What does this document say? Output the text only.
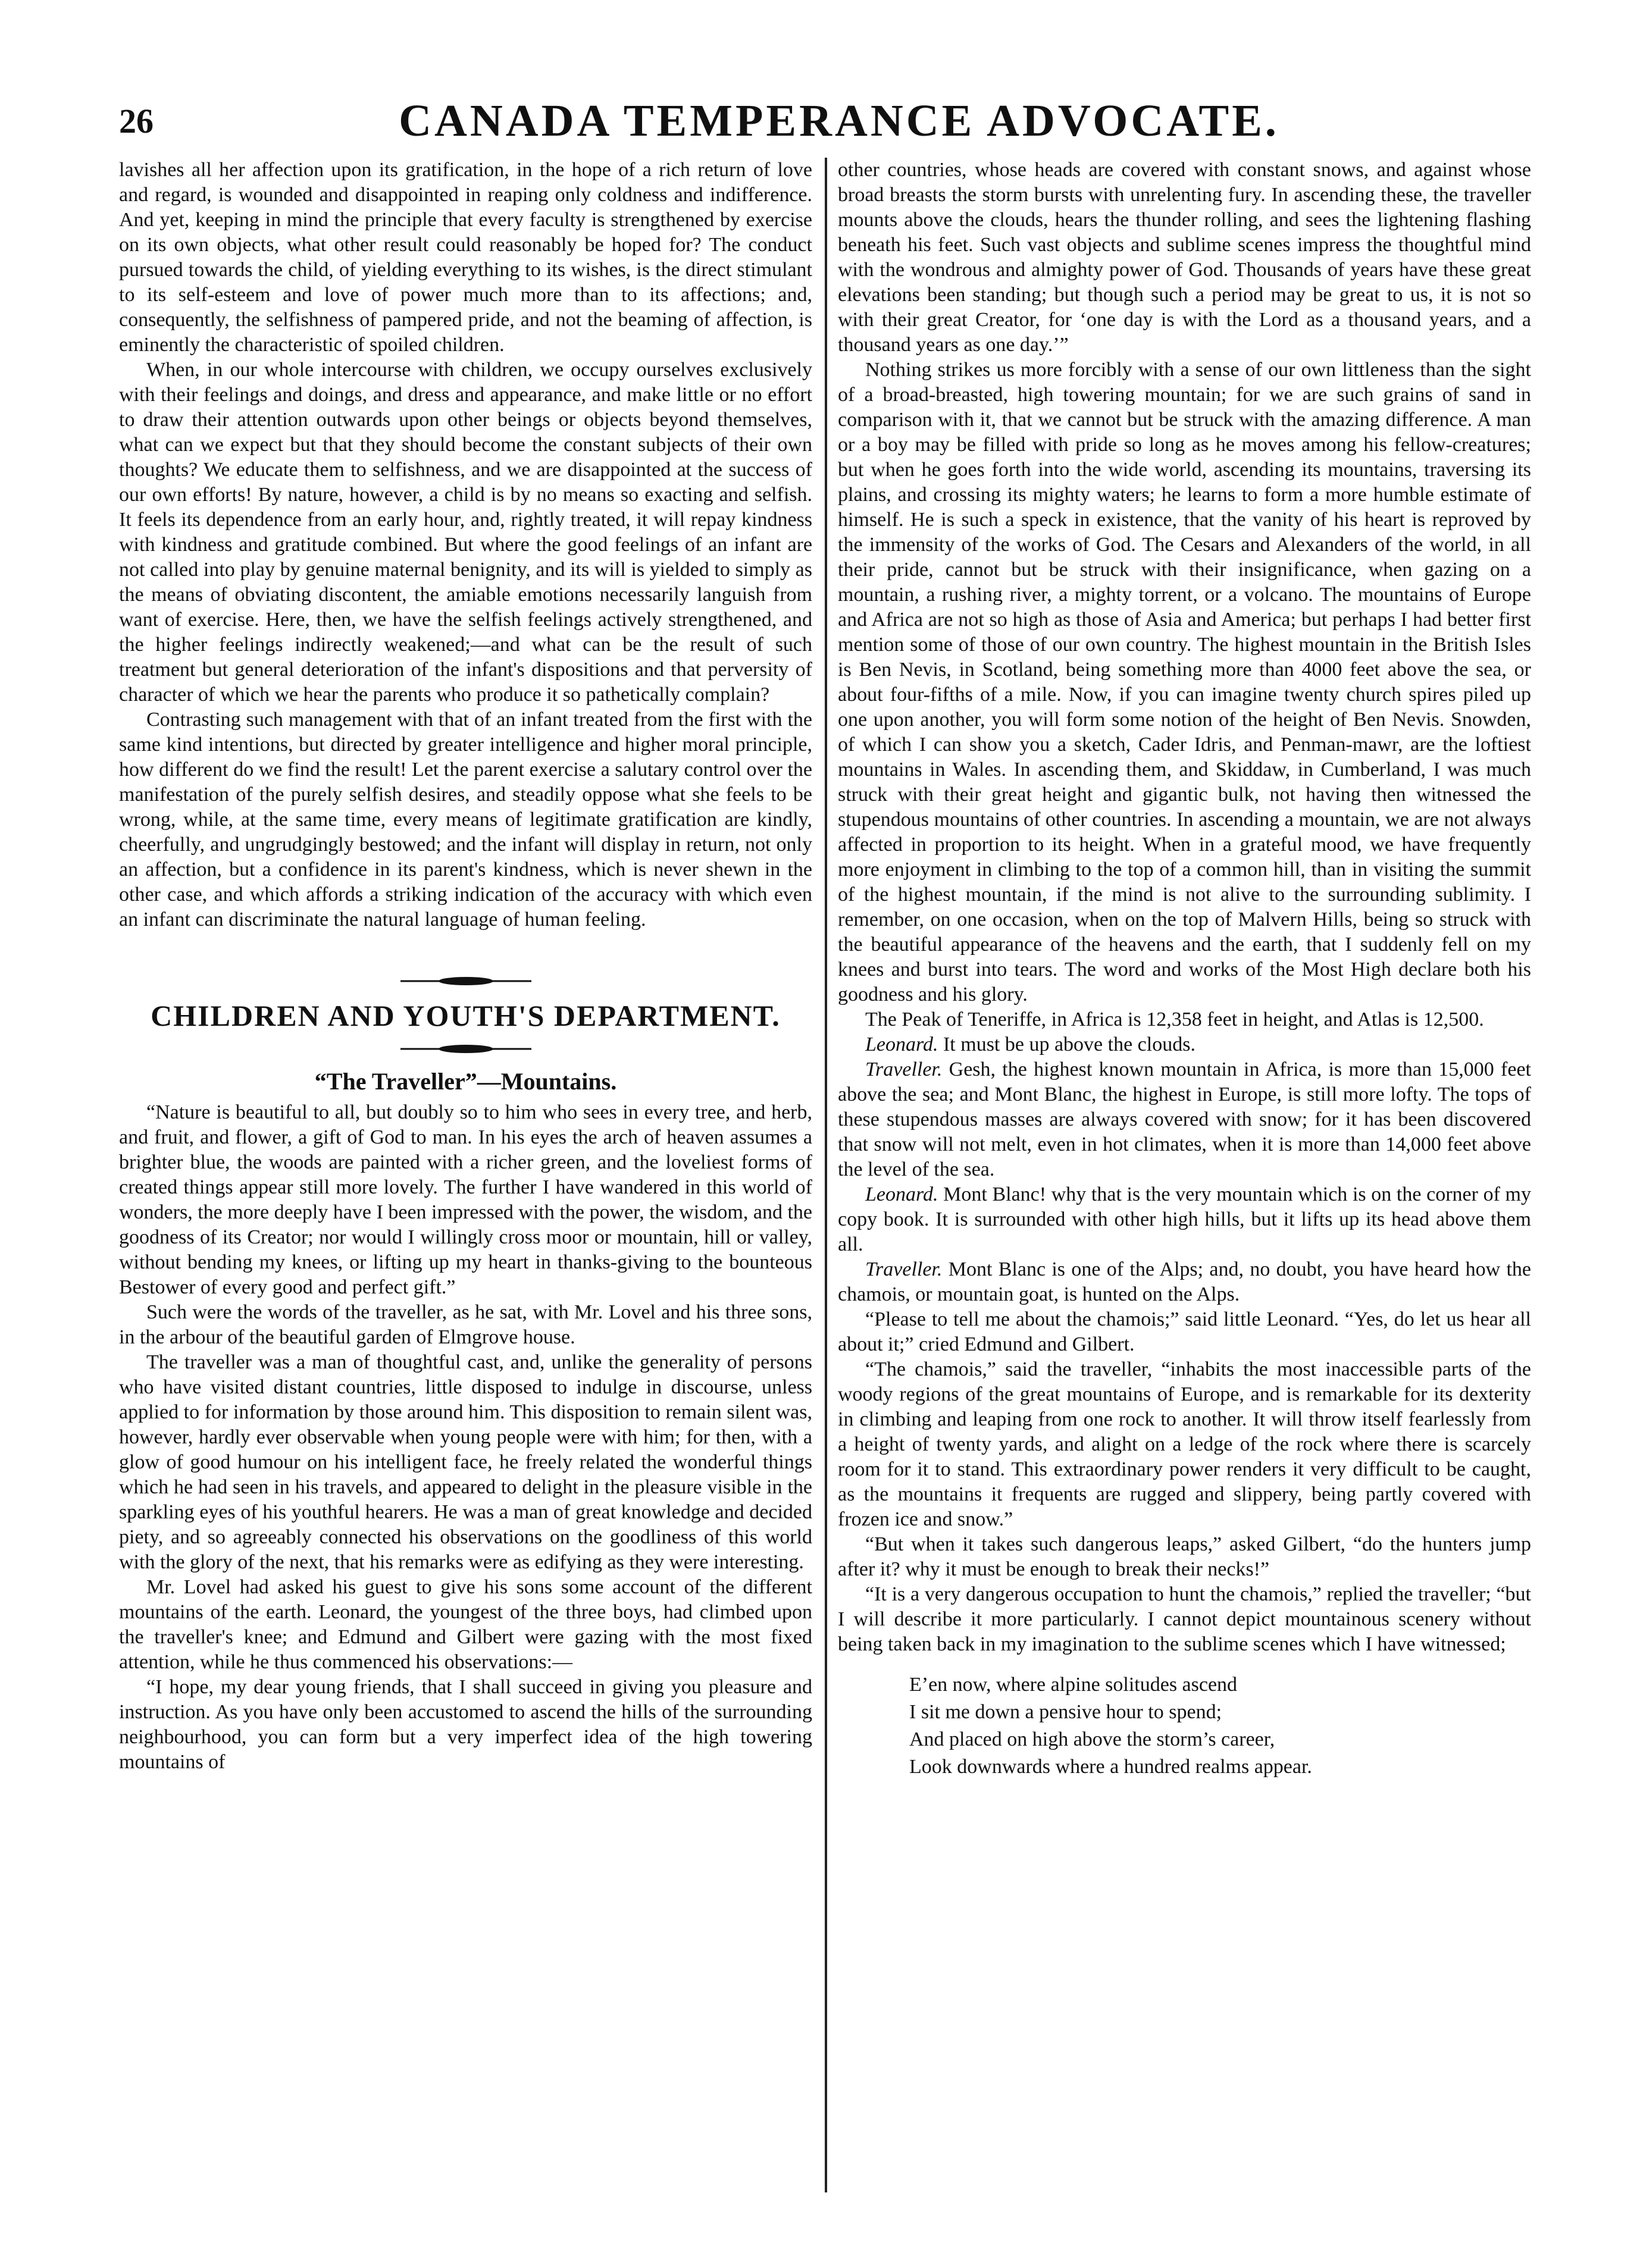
26	CANADA TEMPERANCE ADVOCATE.

lavishes all her affection upon its gratification, in the hope of a rich return of love and regard, is wounded and disappointed in reaping only coldness and indifference. And yet, keeping in mind the principle that every faculty is strengthened by exercise on its own objects, what other result could reasonably be hoped for? The conduct pursued towards the child, of yielding everything to its wishes, is the direct stimulant to its self-esteem and love of power much more than to its affections; and, consequently, the selfishness of pampered pride, and not the beaming of affection, is eminently the characteristic of spoiled children.

When, in our whole intercourse with children, we occupy ourselves exclusively with their feelings and doings, and dress and appearance, and make little or no effort to draw their attention outwards upon other beings or objects beyond themselves, what can we expect but that they should become the constant subjects of their own thoughts? We educate them to selfishness, and we are disappointed at the success of our own efforts! By nature, however, a child is by no means so exacting and selfish. It feels its dependence from an early hour, and, rightly treated, it will repay kindness with kindness and gratitude combined. But where the good feelings of an infant are not called into play by genuine maternal benignity, and its will is yielded to simply as the means of obviating discontent, the amiable emotions necessarily languish from want of exercise. Here, then, we have the selfish feelings actively strengthened, and the higher feelings indirectly weakened;—and what can be the result of such treatment but general deterioration of the infant's dispositions and that perversity of character of which we hear the parents who produce it so pathetically complain?

Contrasting such management with that of an infant treated from the first with the same kind intentions, but directed by greater intelligence and higher moral principle, how different do we find the result! Let the parent exercise a salutary control over the manifestation of the purely selfish desires, and steadily oppose what she feels to be wrong, while, at the same time, every means of legitimate gratification are kindly, cheerfully, and ungrudgingly bestowed; and the infant will display in return, not only an affection, but a confidence in its parent's kindness, which is never shewn in the other case, and which affords a striking indication of the accuracy with which even an infant can discriminate the natural language of human feeling.

CHILDREN AND YOUTH'S DEPARTMENT.
“The Traveller”—Mountains.

“Nature is beautiful to all, but doubly so to him who sees in every tree, and herb, and fruit, and flower, a gift of God to man. In his eyes the arch of heaven assumes a brighter blue, the woods are painted with a richer green, and the loveliest forms of created things appear still more lovely. The further I have wandered in this world of wonders, the more deeply have I been impressed with the power, the wisdom, and the goodness of its Creator; nor would I willingly cross moor or mountain, hill or valley, without bending my knees, or lifting up my heart in thanks-giving to the bounteous Bestower of every good and perfect gift.”

Such were the words of the traveller, as he sat, with Mr. Lovel and his three sons, in the arbour of the beautiful garden of Elmgrove house.

The traveller was a man of thoughtful cast, and, unlike the generality of persons who have visited distant countries, little disposed to indulge in discourse, unless applied to for information by those around him. This disposition to remain silent was, however, hardly ever observable when young people were with him; for then, with a glow of good humour on his intelligent face, he freely related the wonderful things which he had seen in his travels, and appeared to delight in the pleasure visible in the sparkling eyes of his youthful hearers. He was a man of great knowledge and decided piety, and so agreeably connected his observations on the goodliness of this world with the glory of the next, that his remarks were as edifying as they were interesting.

Mr. Lovel had asked his guest to give his sons some account of the different mountains of the earth. Leonard, the youngest of the three boys, had climbed upon the traveller's knee; and Edmund and Gilbert were gazing with the most fixed attention, while he thus commenced his observations:—

“I hope, my dear young friends, that I shall succeed in giving you pleasure and instruction. As you have only been accustomed to ascend the hills of the surrounding neighbourhood, you can form but a very imperfect idea of the high towering mountains of

other countries, whose heads are covered with constant snows, and against whose broad breasts the storm bursts with unrelenting fury. In ascending these, the traveller mounts above the clouds, hears the thunder rolling, and sees the lightening flashing beneath his feet. Such vast objects and sublime scenes impress the thoughtful mind with the wondrous and almighty power of God. Thousands of years have these great elevations been standing; but though such a period may be great to us, it is not so with their great Creator, for ‘one day is with the Lord as a thousand years, and a thousand years as one day.’”

Nothing strikes us more forcibly with a sense of our own littleness than the sight of a broad-breasted, high towering mountain; for we are such grains of sand in comparison with it, that we cannot but be struck with the amazing difference. A man or a boy may be filled with pride so long as he moves among his fellow-creatures; but when he goes forth into the wide world, ascending its mountains, traversing its plains, and crossing its mighty waters; he learns to form a more humble estimate of himself. He is such a speck in existence, that the vanity of his heart is reproved by the immensity of the works of God. The Cesars and Alexanders of the world, in all their pride, cannot but be struck with their insignificance, when gazing on a mountain, a rushing river, a mighty torrent, or a volcano. The mountains of Europe and Africa are not so high as those of Asia and America; but perhaps I had better first mention some of those of our own country. The highest mountain in the British Isles is Ben Nevis, in Scotland, being something more than 4000 feet above the sea, or about four-fifths of a mile. Now, if you can imagine twenty church spires piled up one upon another, you will form some notion of the height of Ben Nevis. Snowden, of which I can show you a sketch, Cader Idris, and Penman-mawr, are the loftiest mountains in Wales. In ascending them, and Skiddaw, in Cumberland, I was much struck with their great height and gigantic bulk, not having then witnessed the stupendous mountains of other countries. In ascending a mountain, we are not always affected in proportion to its height. When in a grateful mood, we have frequently more enjoyment in climbing to the top of a common hill, than in visiting the summit of the highest mountain, if the mind is not alive to the surrounding sublimity. I remember, on one occasion, when on the top of Malvern Hills, being so struck with the beautiful appearance of the heavens and the earth, that I suddenly fell on my knees and burst into tears. The word and works of the Most High declare both his goodness and his glory.

The Peak of Teneriffe, in Africa is 12,358 feet in height, and Atlas is 12,500.

Leonard. It must be up above the clouds.

Traveller. Gesh, the highest known mountain in Africa, is more than 15,000 feet above the sea; and Mont Blanc, the highest in Europe, is still more lofty. The tops of these stupendous masses are always covered with snow; for it has been discovered that snow will not melt, even in hot climates, when it is more than 14,000 feet above the level of the sea.

Leonard. Mont Blanc! why that is the very mountain which is on the corner of my copy book. It is surrounded with other high hills, but it lifts up its head above them all.

Traveller. Mont Blanc is one of the Alps; and, no doubt, you have heard how the chamois, or mountain goat, is hunted on the Alps.

“Please to tell me about the chamois;” said little Leonard. “Yes, do let us hear all about it;” cried Edmund and Gilbert.

“The chamois,” said the traveller, “inhabits the most inaccessible parts of the woody regions of the great mountains of Europe, and is remarkable for its dexterity in climbing and leaping from one rock to another. It will throw itself fearlessly from a height of twenty yards, and alight on a ledge of the rock where there is scarcely room for it to stand. This extraordinary power renders it very difficult to be caught, as the mountains it frequents are rugged and slippery, being partly covered with frozen ice and snow.”

“But when it takes such dangerous leaps,” asked Gilbert, “do the hunters jump after it? why it must be enough to break their necks!”

“It is a very dangerous occupation to hunt the chamois,” replied the traveller; “but I will describe it more particularly. I cannot depict mountainous scenery without being taken back in my imagination to the sublime scenes which I have witnessed;

E’en now, where alpine solitudes ascend
I sit me down a pensive hour to spend;
And placed on high above the storm’s career,
Look downwards where a hundred realms appear.
